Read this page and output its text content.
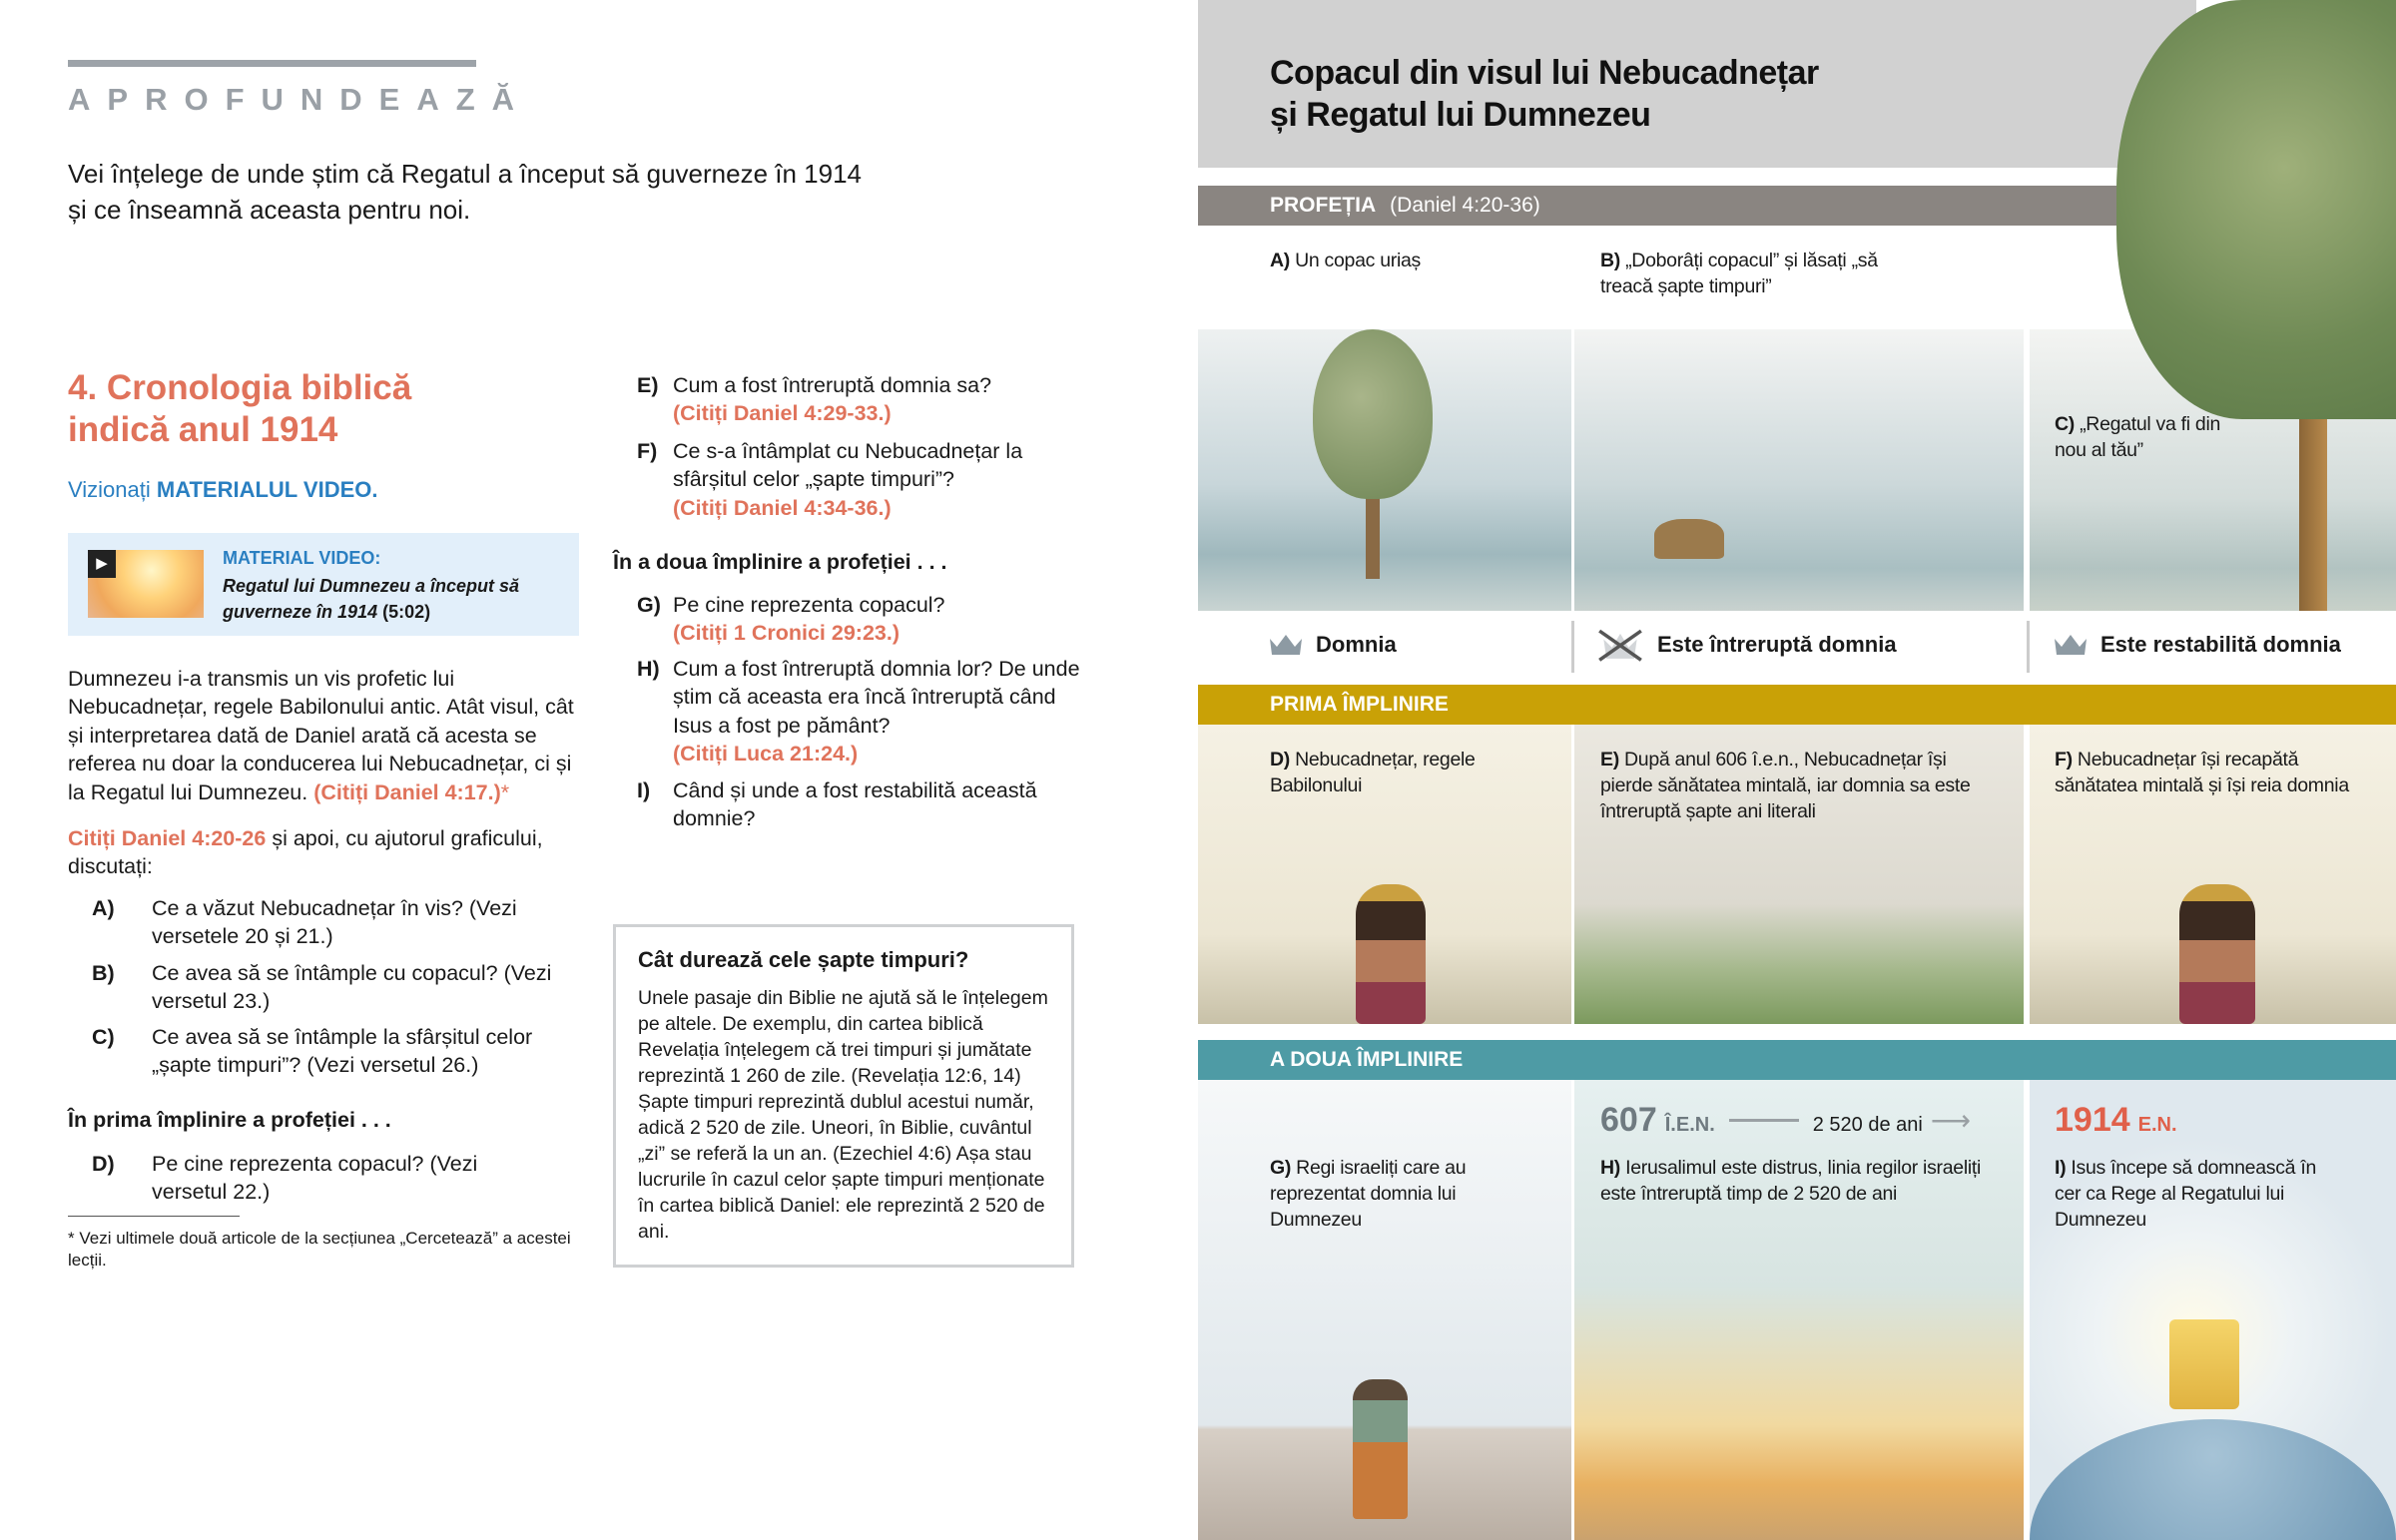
APROFUNDEAZĂ
Vei înțelege de unde știm că Regatul a început să guverneze în 1914 și ce înseamnă aceasta pentru noi.
4. Cronologia biblică
indică anul 1914
Vizionați MATERIALUL VIDEO.
▶	MATERIAL VIDEO:
Regatul lui Dumnezeu a început să guverneze în 1914 (5:02)
Dumnezeu i-a transmis un vis profetic lui Nebucadnețar, regele Babilonului antic. Atât visul, cât și interpretarea dată de Daniel arată că acesta se referea nu doar la conducerea lui Nebucadnețar, ci și la Regatul lui Dumnezeu. (Citiți Daniel 4:17.)*
Citiți Daniel 4:20-26 și apoi, cu ajutorul graficului, discutați:
A) Ce a văzut Nebucadnețar în vis? (Vezi versetele 20 și 21.)
B) Ce avea să se întâmple cu copacul? (Vezi versetul 23.)
C) Ce avea să se întâmple la sfârșitul celor „șapte timpuri”? (Vezi versetul 26.)
În prima împlinire a profeției . . .
D) Pe cine reprezenta copacul? (Vezi versetul 22.)
* Vezi ultimele două articole de la secțiunea „Cercetează” a acestei lecții.
E) Cum a fost întreruptă domnia sa?
(Citiți Daniel 4:29-33.)
F) Ce s-a întâmplat cu Nebucadnețar la sfârșitul celor „șapte timpuri”?
(Citiți Daniel 4:34-36.)
În a doua împlinire a profeției . . .
G) Pe cine reprezenta copacul?
(Citiți 1 Cronici 29:23.)
H) Cum a fost întreruptă domnia lor? De unde știm că aceasta era încă întreruptă când Isus a fost pe pământ?
(Citiți Luca 21:24.)
I) Când și unde a fost restabilită această domnie?
Cât durează cele șapte timpuri?

Unele pasaje din Biblie ne ajută să le înțelegem pe altele. De exemplu, din cartea biblică Revelația înțelegem că trei timpuri și jumătate reprezintă 1 260 de zile. (Revelația 12:6, 14) Șapte timpuri reprezintă dublul acestui număr, adică 2 520 de zile. Uneori, în Biblie, cuvântul „zi” se referă la un an. (Ezechiel 4:6) Așa stau lucrurile în cazul celor șapte timpuri menționate în cartea biblică Daniel: ele reprezintă 2 520 de ani.

Copacul din visul lui Nebucadnețar
și Regatul lui Dumnezeu
PROFEȚIA (Daniel 4:20-36)
A) Un copac uriaș	B) „Doborâți copacul” și lăsați „să treacă șapte timpuri”
C) „Regatul va fi din nou al tău”
Domnia	Este întreruptă domnia	Este restabilită domnia
PRIMA ÎMPLINIRE
D) Nebucadnețar, regele Babilonului
E) După anul 606 î.e.n., Nebucadnețar își pierde sănătatea mintală, iar domnia sa este întreruptă șapte ani literali
F) Nebucadnețar își recapătă sănătatea mintală și își reia domnia
A DOUA ÎMPLINIRE
607 Î.E.N.	2 520 de ani ⟶ 1914 E.N.
G) Regi israeliți care au reprezentat domnia lui Dumnezeu
H) Ierusalimul este distrus, linia regilor israeliți este întreruptă timp de 2 520 de ani
I) Isus începe să domnească în cer ca Rege al Regatului lui Dumnezeu
